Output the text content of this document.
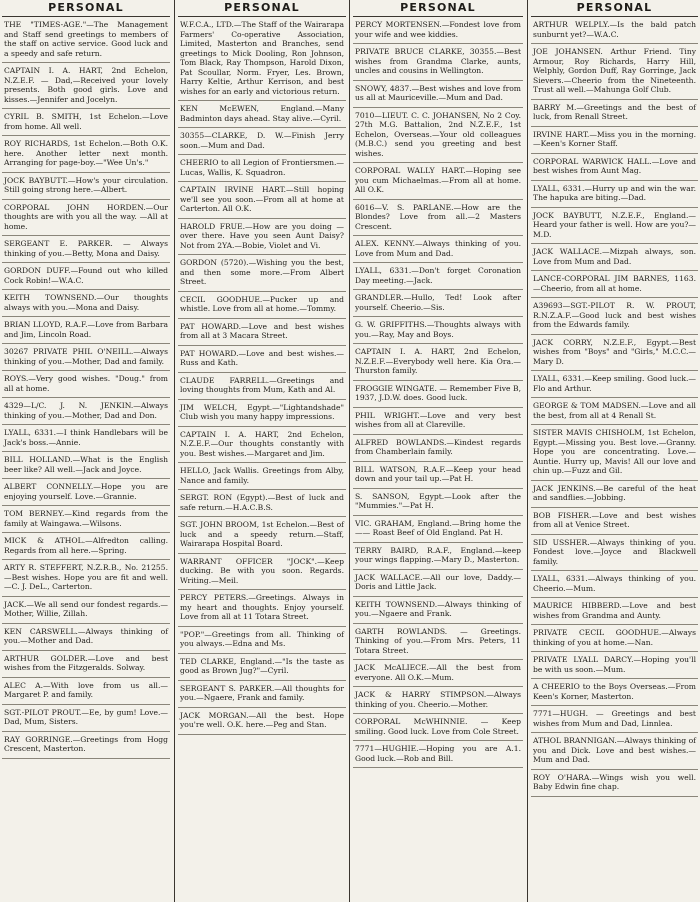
PERSONAL
THE "TIMES-AGE."—The Management and Staff send greetings to members of the staff on active service. Good luck and a speedy and safe return.
CAPTAIN I. A. HART, 2nd Echelon, N.Z.E.F. — Dad,—Received your lovely presents. Both good girls. Love and kisses.—Jennifer and Jocelyn.
CYRIL B. SMITH, 1st Echelon.—Love from home. All well.
ROY RICHARDS, 1st Echelon.—Both O.K. here. Another letter next month. Arranging for page-boy.—"Wee Un's."
JOCK BAYBUTT.—How's your circulation. Still going strong here.—Albert.
CORPORAL JOHN HORDEN.—Our thoughts are with you all the way. —All at home.
SERGEANT E. PARKER. — Always thinking of you.—Betty, Mona and Daisy.
GORDON DUFF.—Found out who killed Cock Robin!—W.A.C.
KEITH TOWNSEND.—Our thoughts always with you.—Mona and Daisy.
BRIAN LLOYD, R.A.F.—Love from Barbara and Jim, Lincoln Road.
30267 PRIVATE PHIL O'NEILL.—Always thinking of you.—Mother, Dad and family.
ROYS.—Very good wishes. "Doug." from all at home.
4329—L/C. J. N. JENKIN.—Always thinking of you.—Mother, Dad and Don.
LYALL, 6331.—I think Handlebars will be Jack's boss.—Annie.
BILL HOLLAND.—What is the English beer like? All well.—Jack and Joyce.
ALBERT CONNELLY.—Hope you are enjoying yourself. Love.—Grannie.
TOM BERNEY.—Kind regards from the family at Waingawa.—Wilsons.
MICK & ATHOL.—Alfredton calling. Regards from all here.—Spring.
ARTY R. STEFFERT, N.Z.R.B., No. 21255.—Best wishes. Hope you are fit and well.—C. J. DeL., Carterton.
JACK.—We all send our fondest regards.—Mother, Willie, Zillah.
KEN CARSWELL.—Always thinking of you.—Mother and Dad.
ARTHUR GOLDER.—Love and best wishes from the Fitzgeralds. Solway.
ALEC A.—With love from us all.—Margaret P. and family.
SGT.-PILOT PROUT.—Ee, by gum! Love.—Dad, Mum, Sisters.
RAY GORRINGE.—Greetings from Hogg Crescent, Masterton.
PERSONAL
W.F.C.A., LTD.—The Staff of the Wairarapa Farmers' Co-operative Association, Limited, Masterton and Branches, send greetings to Mick Dooling, Ron Johnson, Tom Black, Ray Thompson, Harold Dixon, Pat Scoullar, Norm. Fryer, Les. Brown, Harry Keltie, Arthur Kerrison, and best wishes for an early and victorious return.
KEN McEWEN, England.—Many Badminton days ahead. Stay alive.—Cyril.
30355—CLARKE, D. W.—Finish Jerry soon.—Mum and Dad.
CHEERIO to all Legion of Frontiersmen.—Lucas, Wallis, K. Squadron.
CAPTAIN IRVINE HART.—Still hoping we'll see you soon.—From all at home at Carterton. All O.K.
HAROLD FRUE.—How are you doing —over there. Have you seen Aunt Daisy? Not from 2YA.—Bobie, Violet and Vi.
GORDON (5720).—Wishing you the best, and then some more.—From Albert Street.
CECIL GOODHUE.—Pucker up and whistle. Love from all at home.—Tommy.
PAT HOWARD.—Love and best wishes from all at 3 Macara Street.
PAT HOWARD.—Love and best wishes.—Russ and Kath.
CLAUDE FARRELL.—Greetings and loving thoughts from Mum, Kath and Al.
JIM WELCH, Egypt.—"Lightandshade" Club wish you many happy impressions.
CAPTAIN I. A. HART, 2nd Echelon, N.Z.E.F.—Our thoughts constantly with you. Best wishes.—Margaret and Jim.
HELLO, Jack Wallis. Greetings from Alby, Nance and family.
SERGT. RON (Egypt).—Best of luck and safe return.—H.A.C.B.S.
SGT. JOHN BROOM, 1st Echelon.—Best of luck and a speedy return.—Staff, Wairarapa Hospital Board.
WARRANT OFFICER "JOCK".—Keep ducking. Be with you soon. Regards. Writing.—Meil.
PERCY PETERS.—Greetings. Always in my heart and thoughts. Enjoy yourself. Love from all at 11 Totara Street.
"POP."—Greetings from all. Thinking of you always.—Edna and Ms.
TED CLARKE, England.—"Is the taste as good as Brown Jug?"—Cyril.
SERGEANT S. PARKER.—All thoughts for you.—Ngaere, Frank and family.
JACK MORGAN.—All the best. Hope you're well. O.K. here.—Peg and Stan.
PERSONAL
PERCY MORTENSEN.—Fondest love from your wife and wee kiddies.
PRIVATE BRUCE CLARKE, 30355.—Best wishes from Grandma Clarke, aunts, uncles and cousins in Wellington.
SNOWY, 4837.—Best wishes and love from us all at Mauriceville.—Mum and Dad.
7010—LIEUT. C. C. JOHANSEN, No 2 Coy. 27th M.G. Battalion, 2nd N.Z.E.F., 1st Echelon, Overseas.—Your old colleagues (M.B.C.) send you greeting and best wishes.
CORPORAL WALLY HART.—Hoping see you cum Michaelmas.—From all at home. All O.K.
6016—V. S. PARLANE.—How are the Blondes? Love from all.—2 Masters Crescent.
ALEX. KENNY.—Always thinking of you. Love from Mum and Dad.
LYALL, 6331.—Don't forget Coronation Day meeting.—Jack.
GRANDLER.—Hullo, Ted! Look after yourself. Cheerio.—Sis.
G. W. GRIFFITHS.—Thoughts always with you.—Ray, May and Boys.
CAPTAIN I. A. HART, 2nd Echelon, N.Z.E.F.—Everybody well here. Kia Ora.—Thurston family.
FROGGIE WINGATE. — Remember Five B, 1937, J.D.W. does. Good luck.
PHIL WRIGHT.—Love and very best wishes from all at Clareville.
ALFRED BOWLANDS.—Kindest regards from Chamberlain family.
BILL WATSON, R.A.F.—Keep your head down and your tail up.—Pat H.
S. SANSON, Egypt.—Look after the "Mummies."—Pat H.
VIC. GRAHAM, England.—Bring home the —— Roast Beef of Old England. Pat H.
TERRY BAIRD, R.A.F., England.—keep your wings flapping.—Mary D., Masterton.
JACK WALLACE.—All our love, Daddy.—Doris and Little Jack.
KEITH TOWNSEND.—Always thinking of you.—Ngaere and Frank.
GARTH ROWLANDS. — Greetings. Thinking of you.—From Mrs. Peters, 11 Totara Street.
JACK McALIECE.—All the best from everyone. All O.K.—Mum.
JACK & HARRY STIMPSON.—Always thinking of you. Cheerio.—Mother.
CORPORAL McWHINNIE. — Keep smiling. Good luck. Love from Cole Street.
7771—HUGHIE.—Hoping you are A.1. Good luck.—Rob and Bill.
PERSONAL
ARTHUR WELPLY.—Is the bald patch sunburnt yet?—W.A.C.
JOE JOHANSEN. Arthur Friend. Tiny Armour, Roy Richards, Harry Hill, Welphly, Gordon Duff, Ray Gorringe, Jack Sievers.—Cheerio from the Nineteenth. Trust all well.—Mahunga Golf Club.
BARRY M.—Greetings and the best of luck, from Renall Street.
IRVINE HART.—Miss you in the morning.—Keen's Korner Staff.
CORPORAL WARWICK HALL.—Love and best wishes from Aunt Mag.
LYALL, 6331.—Hurry up and win the war. The hapuka are biting.—Dad.
JOCK BAYBUTT, N.Z.E.F., England.—Heard your father is well. How are you?—M.D.
JACK WALLACE.—Mizpah always, son. Love from Mum and Dad.
LANCE-CORPORAL JIM BARNES, 1163.—Cheerio, from all at home.
A39693—SGT.-PILOT R. W. PROUT, R.N.Z.A.F.—Good luck and best wishes from the Edwards family.
JACK CORRY, N.Z.E.F., Egypt.—Best wishes from "Boys" and "Girls," M.C.C.—Mary D.
LYALL, 6331.—Keep smiling. Good luck.—Flo and Arthur.
GEORGE & TOM MADSEN.—Love and all the best, from all at 4 Renall St.
SISTER MAVIS CHISHOLM, 1st Echelon, Egypt.—Missing you. Best love.—Granny. Hope you are concentrating. Love.—Auntie. Hurry up, Mavis! All our love and chin up.—Fuzz and Gil.
JACK JENKINS.—Be careful of the heat and sandflies.—Jobbing.
BOB FISHER.—Love and best wishes from all at Venice Street.
SID USSHER.—Always thinking of you. Fondest love.—Joyce and Blackwell family.
LYALL, 6331.—Always thinking of you. Cheerio.—Mum.
MAURICE HIBBERD.—Love and best wishes from Grandma and Aunty.
PRIVATE CECIL GOODHUE.—Always thinking of you at home.—Nan.
PRIVATE LYALL DARCY.—Hoping you'll be with us soon.—Mum.
A CHEERIO to the Boys Overseas.—From Keen's Korner, Masterton.
7771—HUGH. — Greetings and best wishes from Mum and Dad, Linnlea.
ATHOL BRANNIGAN.—Always thinking of you and Dick. Love and best wishes.—Mum and Dad.
ROY O'HARA.—Wings wish you well. Baby Edwin fine chap.
